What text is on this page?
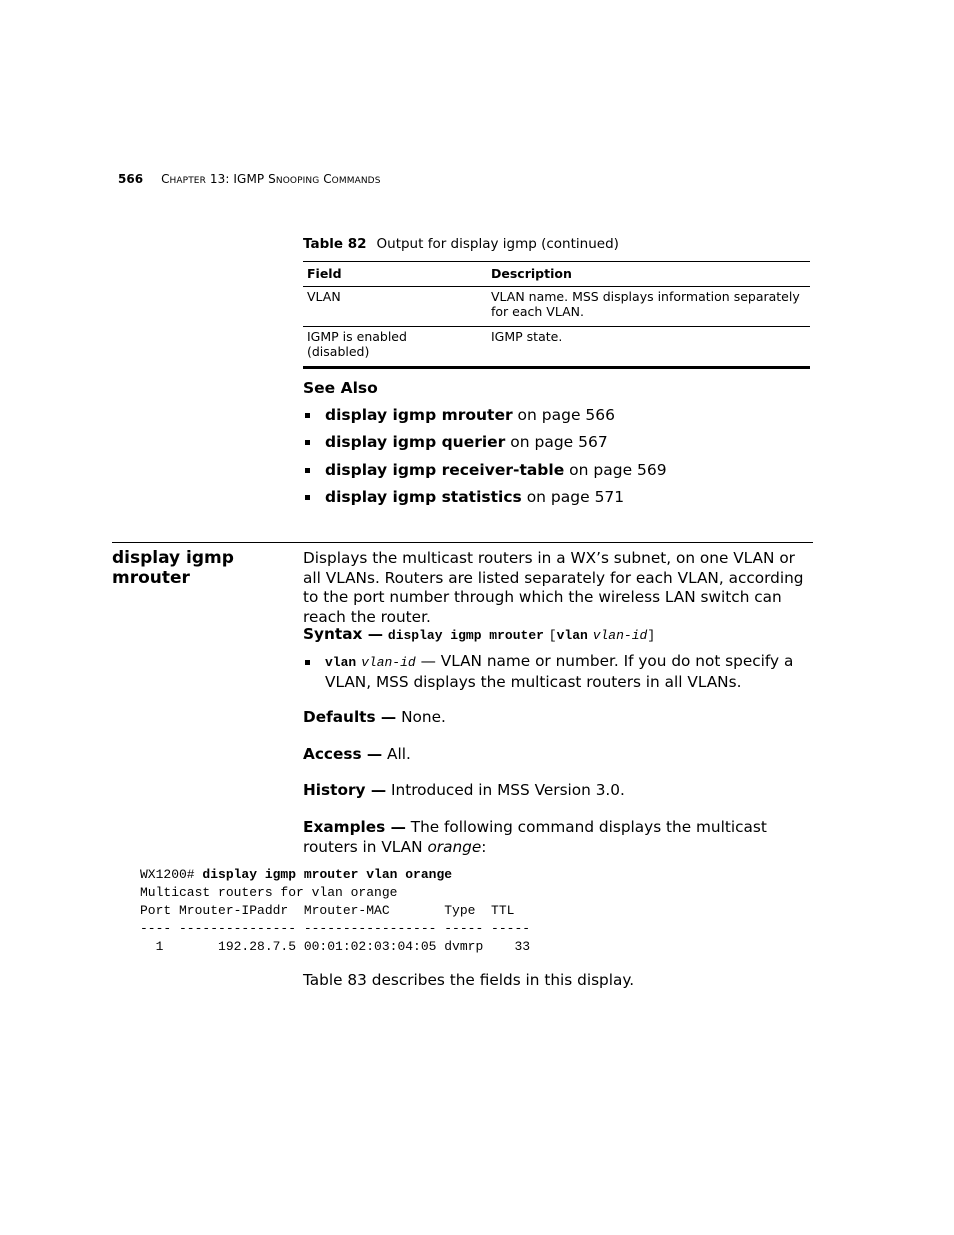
566 CHAPTER 13: IGMP SNOOPING COMMANDS
Table 82 Output for display igmp (continued)
Field	Description
VLAN	VLAN name. MSS displays information separately for each VLAN.
IGMP is enabled (disabled)	IGMP state.
See Also
display igmp mrouter on page 566
display igmp querier on page 567
display igmp receiver-table on page 569
display igmp statistics on page 571
display igmp mrouter

Displays the multicast routers in a WX’s subnet, on one VLAN or all VLANs. Routers are listed separately for each VLAN, according to the port number through which the wireless LAN switch can reach the router.

Syntax — display igmp mrouter [vlan vlan-id]

vlan vlan-id — VLAN name or number. If you do not specify a VLAN, MSS displays the multicast routers in all VLANs.

Defaults — None.

Access — All.

History — Introduced in MSS Version 3.0.

Examples — The following command displays the multicast routers in VLAN orange:

WX1200# display igmp mrouter vlan orange
Multicast routers for vlan orange
Port Mrouter-IPaddr  Mrouter-MAC       Type  TTL
---- --------------- ----------------- ----- -----
1       192.28.7.5 00:01:02:03:04:05 dvmrp    33

Table 83 describes the fields in this display.
